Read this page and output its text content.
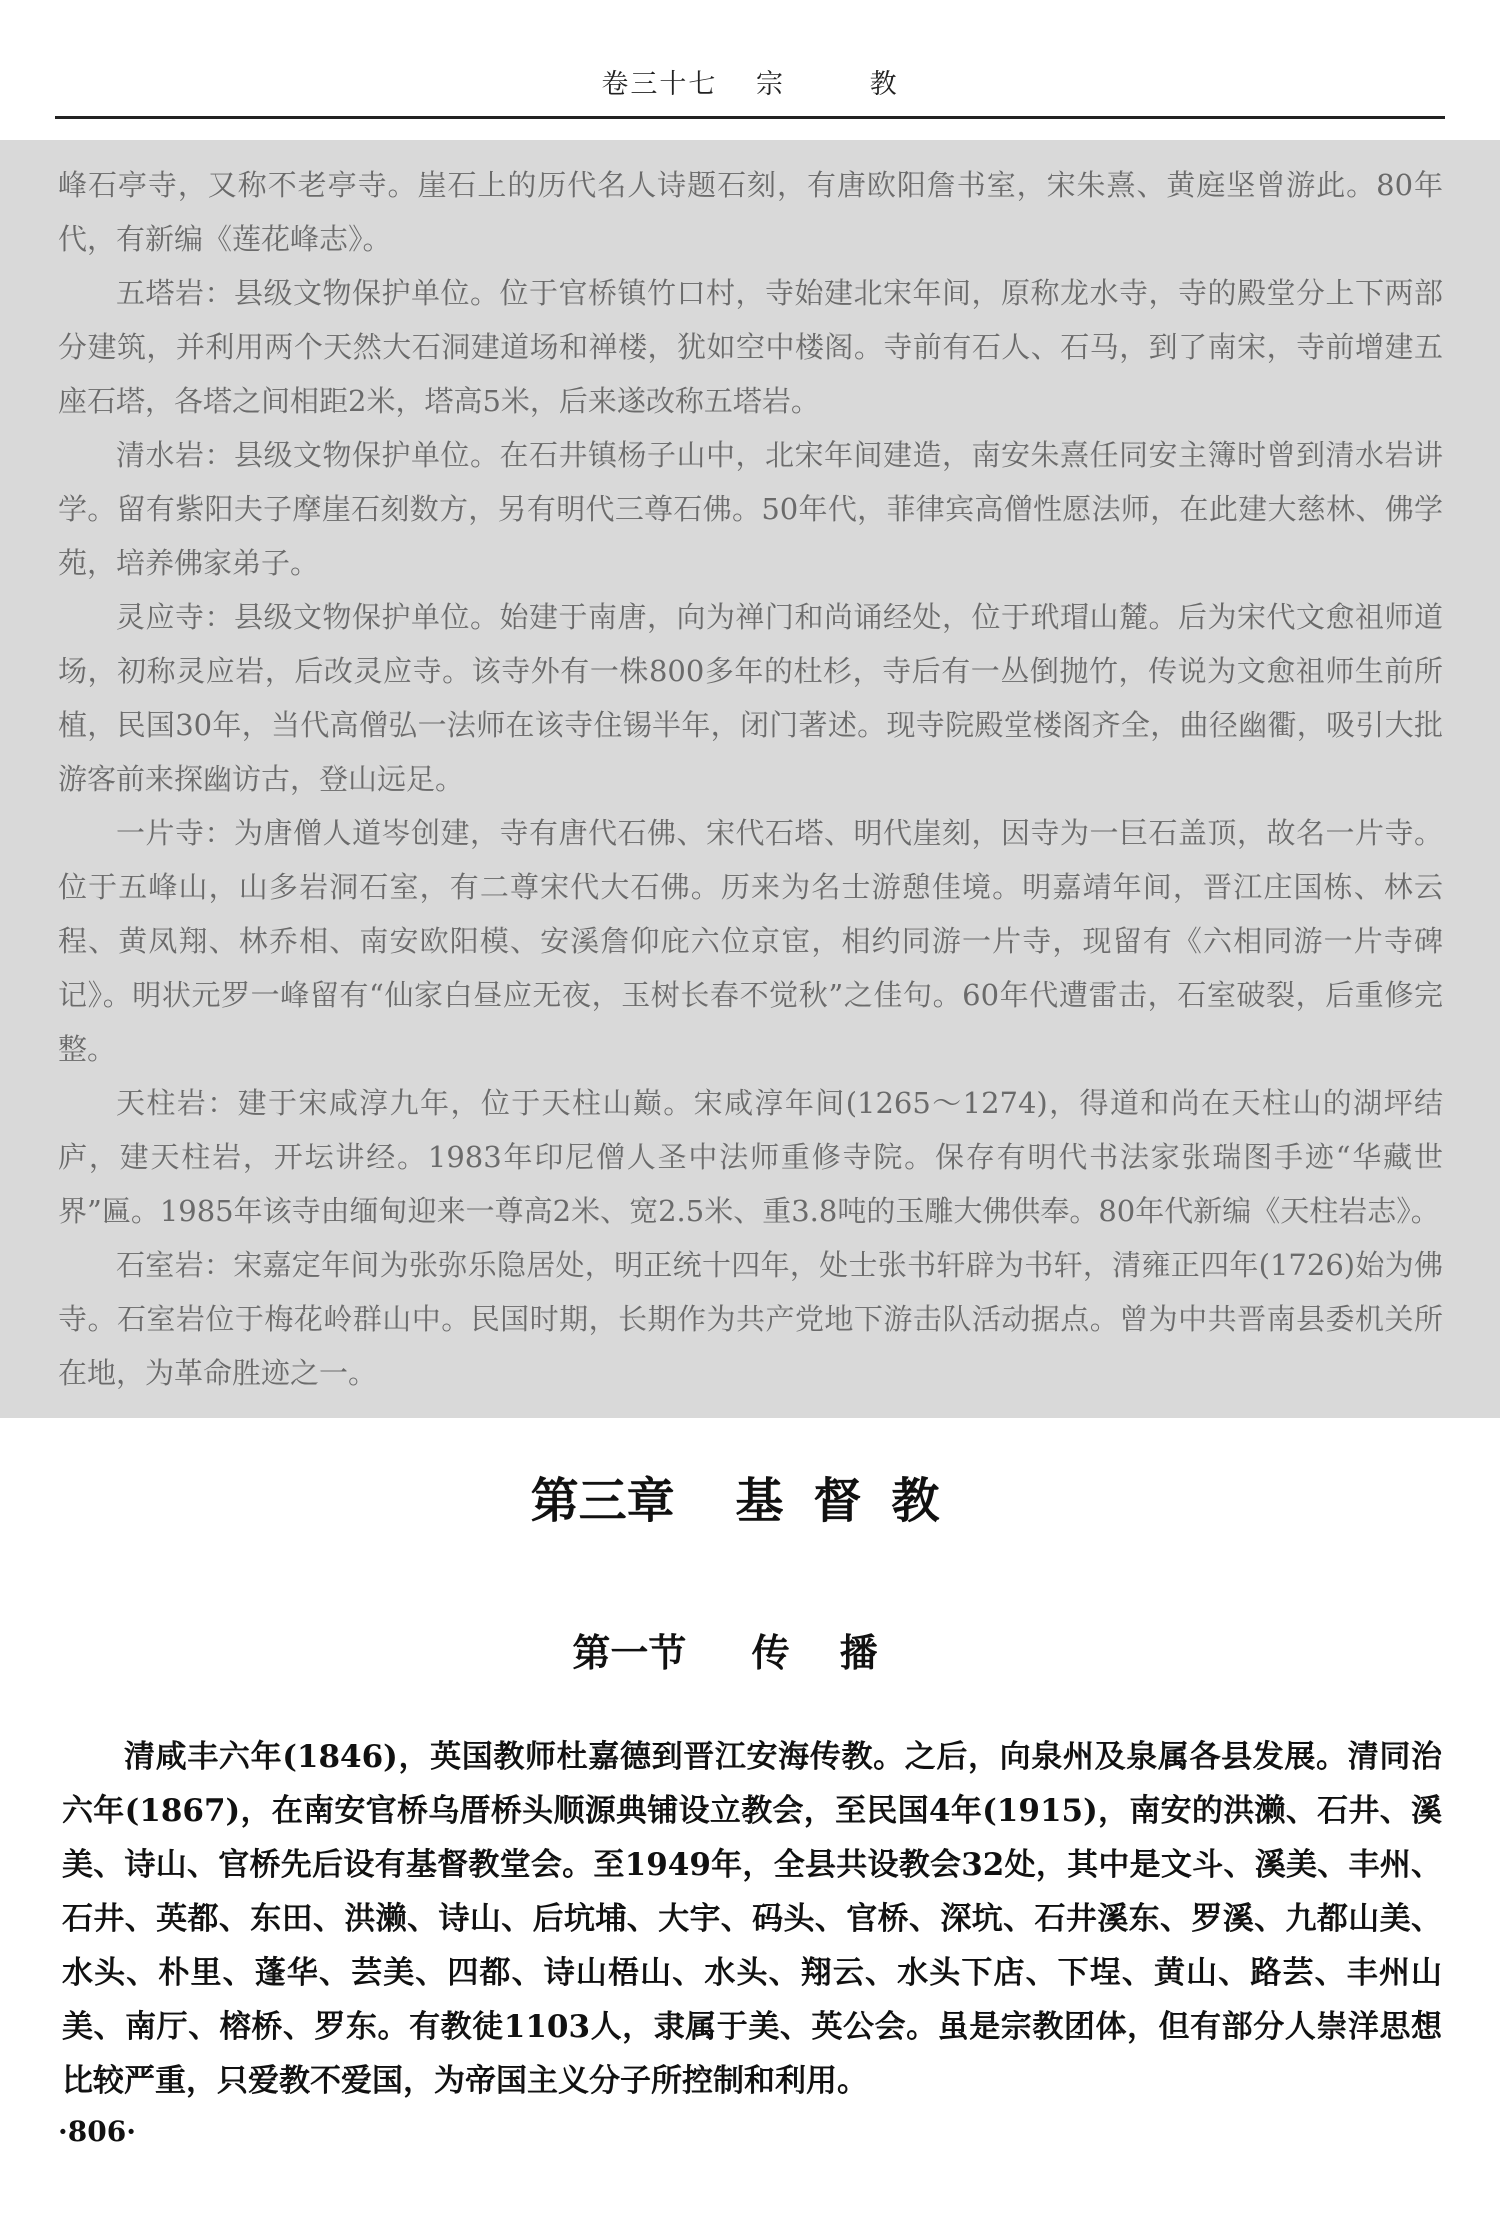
卷三十七 宗	教

峰石亭寺，又称不老亭寺。崖石上的历代名人诗题石刻，有唐欧阳詹书室，宋朱熹、黄庭坚曾游此。80年代，有新编《莲花峰志》。

五塔岩：县级文物保护单位。位于官桥镇竹口村，寺始建北宋年间，原称龙水寺，寺的殿堂分上下两部分建筑，并利用两个天然大石洞建道场和禅楼，犹如空中楼阁。寺前有石人、石马，到了南宋，寺前增建五座石塔，各塔之间相距2米，塔高5米，后来遂改称五塔岩。

清水岩：县级文物保护单位。在石井镇杨子山中，北宋年间建造，南安朱熹任同安主簿时曾到清水岩讲学。留有紫阳夫子摩崖石刻数方，另有明代三尊石佛。50年代，菲律宾高僧性愿法师，在此建大慈林、佛学苑，培养佛家弟子。

灵应寺：县级文物保护单位。始建于南唐，向为禅门和尚诵经处，位于玳瑁山麓。后为宋代文愈祖师道场，初称灵应岩，后改灵应寺。该寺外有一株800多年的杜杉，寺后有一丛倒抛竹，传说为文愈祖师生前所植，民国30年，当代高僧弘一法师在该寺住锡半年，闭门著述。现寺院殿堂楼阁齐全，曲径幽衢，吸引大批游客前来探幽访古，登山远足。

一片寺：为唐僧人道岑创建，寺有唐代石佛、宋代石塔、明代崖刻，因寺为一巨石盖顶，故名一片寺。位于五峰山，山多岩洞石室，有二尊宋代大石佛。历来为名士游憩佳境。明嘉靖年间，晋江庄国栋、林云程、黄凤翔、林乔相、南安欧阳模、安溪詹仰庇六位京宦，相约同游一片寺，现留有《六相同游一片寺碑记》。明状元罗一峰留有“仙家白昼应无夜，玉树长春不觉秋”之佳句。60年代遭雷击，石室破裂，后重修完整。

天柱岩：建于宋咸淳九年，位于天柱山巅。宋咸淳年间(1265～1274)，得道和尚在天柱山的湖坪结庐，建天柱岩，开坛讲经。1983年印尼僧人圣中法师重修寺院。保存有明代书法家张瑞图手迹“华藏世界”匾。1985年该寺由缅甸迎来一尊高2米、宽2.5米、重3.8吨的玉雕大佛供奉。80年代新编《天柱岩志》。

石室岩：宋嘉定年间为张弥乐隐居处，明正统十四年，处士张书轩辟为书轩，清雍正四年(1726)始为佛寺。石室岩位于梅花岭群山中。民国时期，长期作为共产党地下游击队活动据点。曾为中共晋南县委机关所在地，为革命胜迹之一。

第三章 基督教
第一节 传播

清咸丰六年(1846)，英国教师杜嘉德到晋江安海传教。之后，向泉州及泉属各县发展。清同治六年(1867)，在南安官桥乌厝桥头顺源典铺设立教会，至民国4年(1915)，南安的洪濑、石井、溪美、诗山、官桥先后设有基督教堂会。至1949年，全县共设教会32处，其中是文斗、溪美、丰州、石井、英都、东田、洪濑、诗山、后坑埔、大宇、码头、官桥、深坑、石井溪东、罗溪、九都山美、水头、朴里、蓬华、芸美、四都、诗山梧山、水头、翔云、水头下店、下埕、黄山、路芸、丰州山美、南厅、榕桥、罗东。有教徒1103人，隶属于美、英公会。虽是宗教团体，但有部分人崇洋思想比较严重，只爱教不爱国，为帝国主义分子所控制和利用。

·806·
